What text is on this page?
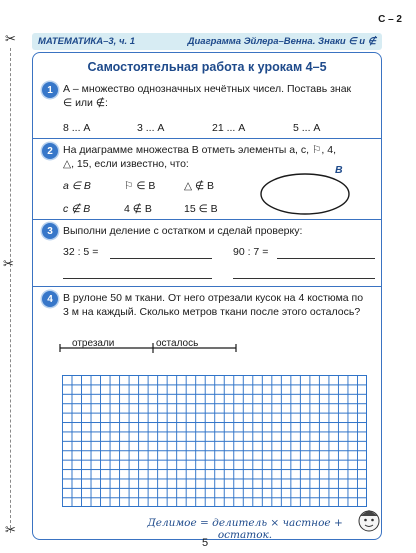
✂
✂
✂
С – 2
МАТЕМАТИКА–3, ч. 1	Диаграмма Эйлера–Венна. Знаки ∈ и ∉
Самостоятельная работа к урокам 4–5
1 А – множество однозначных нечётных чисел. Поставь знак
∈ или ∉:
8 ... А	3 ... А	21 ... А	5 ... А
2 На диаграмме множества В отметь элементы а, с, ⚐, 4,
△, 15, если известно, что:
а ∈ В	⚐ ∈ В	△ ∉ В
с ∉ В	4 ∉ В	15 ∈ В
В
3 Выполни деление с остатком и сделай проверку:
32 : 5 =	90 : 7 =
4 В рулоне 50 м ткани. От него отрезали кусок на 4 костюма по
3 м на каждый. Сколько метров ткани после этого осталось?
отрезали	осталось
Делимое = делитель × частное + остаток.
5
